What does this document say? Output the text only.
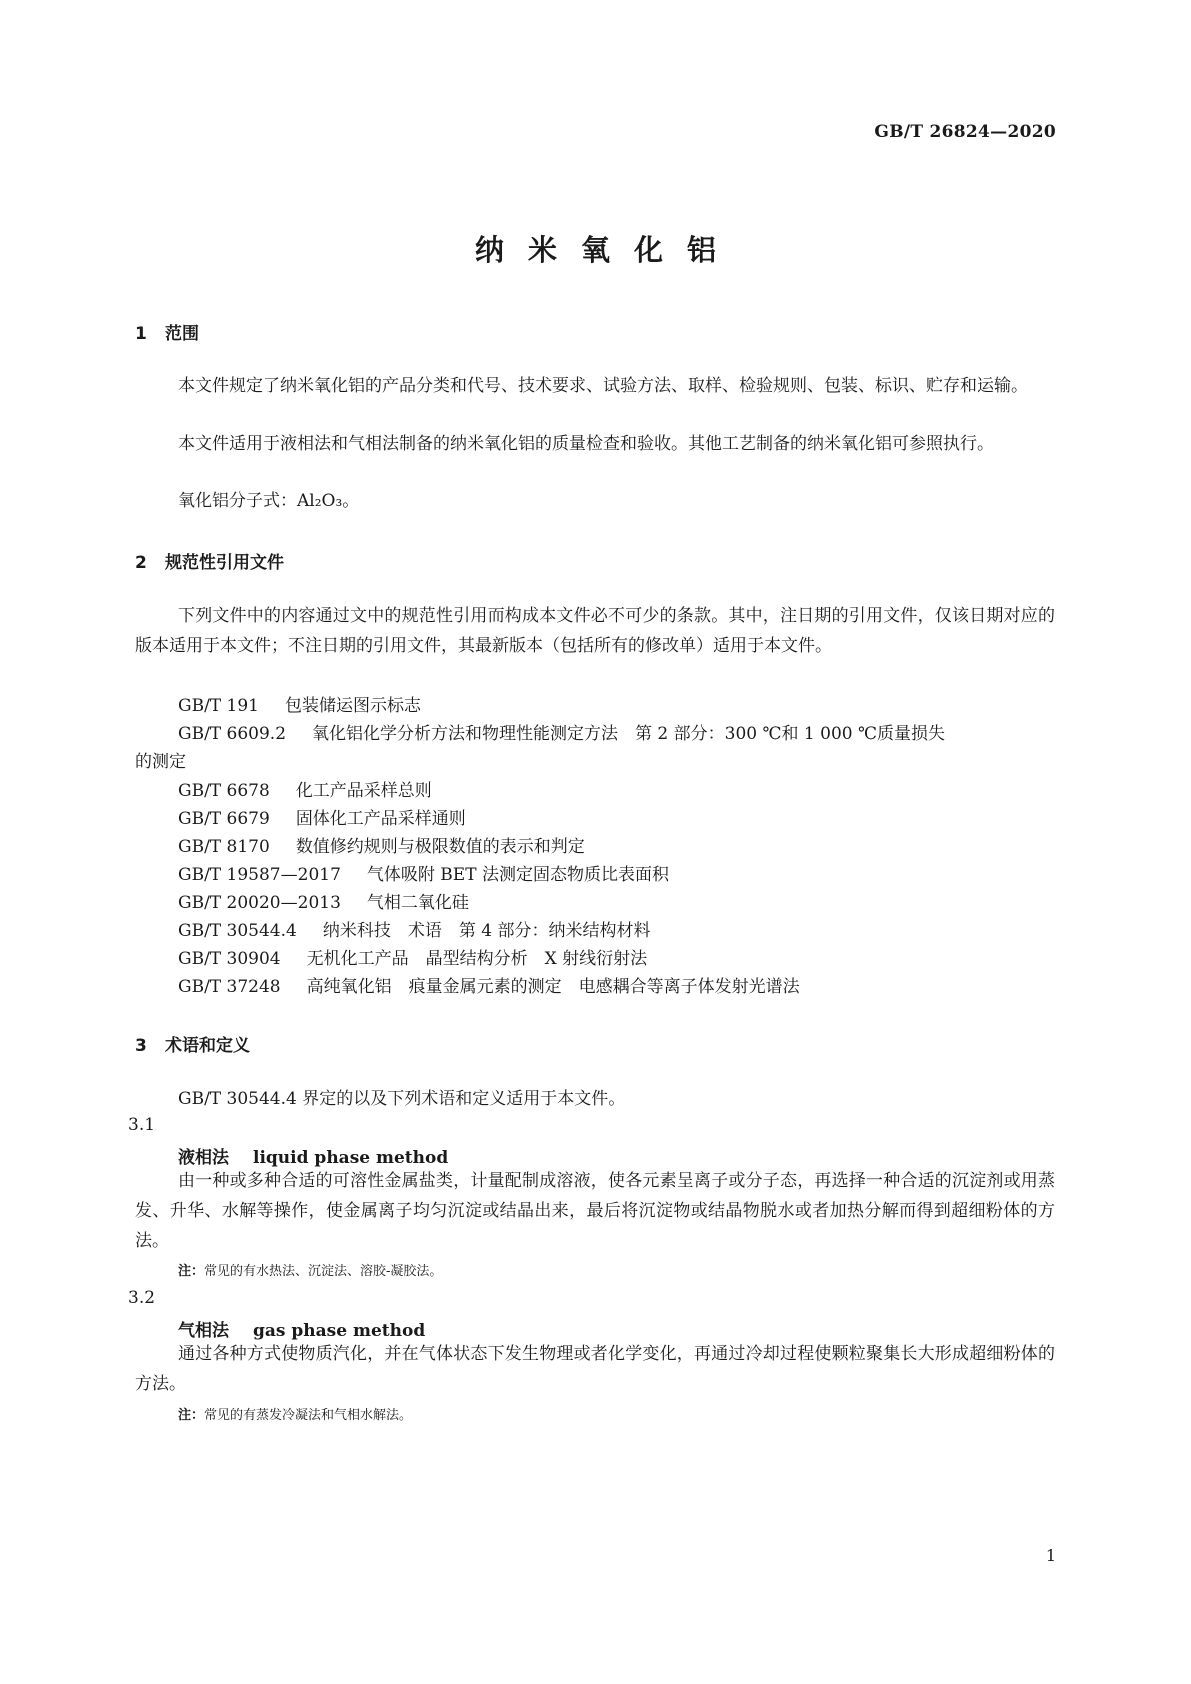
GB/T 26824—2020
纳米氧化铝
1 范围
本文件规定了纳米氧化铝的产品分类和代号、技术要求、试验方法、取样、检验规则、包装、标识、贮存和运输。
本文件适用于液相法和气相法制备的纳米氧化铝的质量检查和验收。其他工艺制备的纳米氧化铝可参照执行。
氧化铝分子式：Al₂O₃。
2 规范性引用文件
下列文件中的内容通过文中的规范性引用而构成本文件必不可少的条款。其中，注日期的引用文件，仅该日期对应的版本适用于本文件；不注日期的引用文件，其最新版本（包括所有的修改单）适用于本文件。
GB/T 191 包装储运图示标志
GB/T 6609.2 氧化铝化学分析方法和物理性能测定方法　第 2 部分：300 ℃和 1 000 ℃质量损失
的测定
GB/T 6678 化工产品采样总则
GB/T 6679 固体化工产品采样通则
GB/T 8170 数值修约规则与极限数值的表示和判定
GB/T 19587—2017 气体吸附 BET 法测定固态物质比表面积
GB/T 20020—2013 气相二氧化硅
GB/T 30544.4 纳米科技　术语　第 4 部分：纳米结构材料
GB/T 30904 无机化工产品　晶型结构分析　X 射线衍射法
GB/T 37248 高纯氧化铝　痕量金属元素的测定　电感耦合等离子体发射光谱法
3 术语和定义
GB/T 30544.4 界定的以及下列术语和定义适用于本文件。
3.1
液相法 liquid phase method
由一种或多种合适的可溶性金属盐类，计量配制成溶液，使各元素呈离子或分子态，再选择一种合适的沉淀剂或用蒸发、升华、水解等操作，使金属离子均匀沉淀或结晶出来，最后将沉淀物或结晶物脱水或者加热分解而得到超细粉体的方法。
注：常见的有水热法、沉淀法、溶胶-凝胶法。
3.2
气相法 gas phase method
通过各种方式使物质汽化，并在气体状态下发生物理或者化学变化，再通过冷却过程使颗粒聚集长大形成超细粉体的方法。
注：常见的有蒸发冷凝法和气相水解法。
1
